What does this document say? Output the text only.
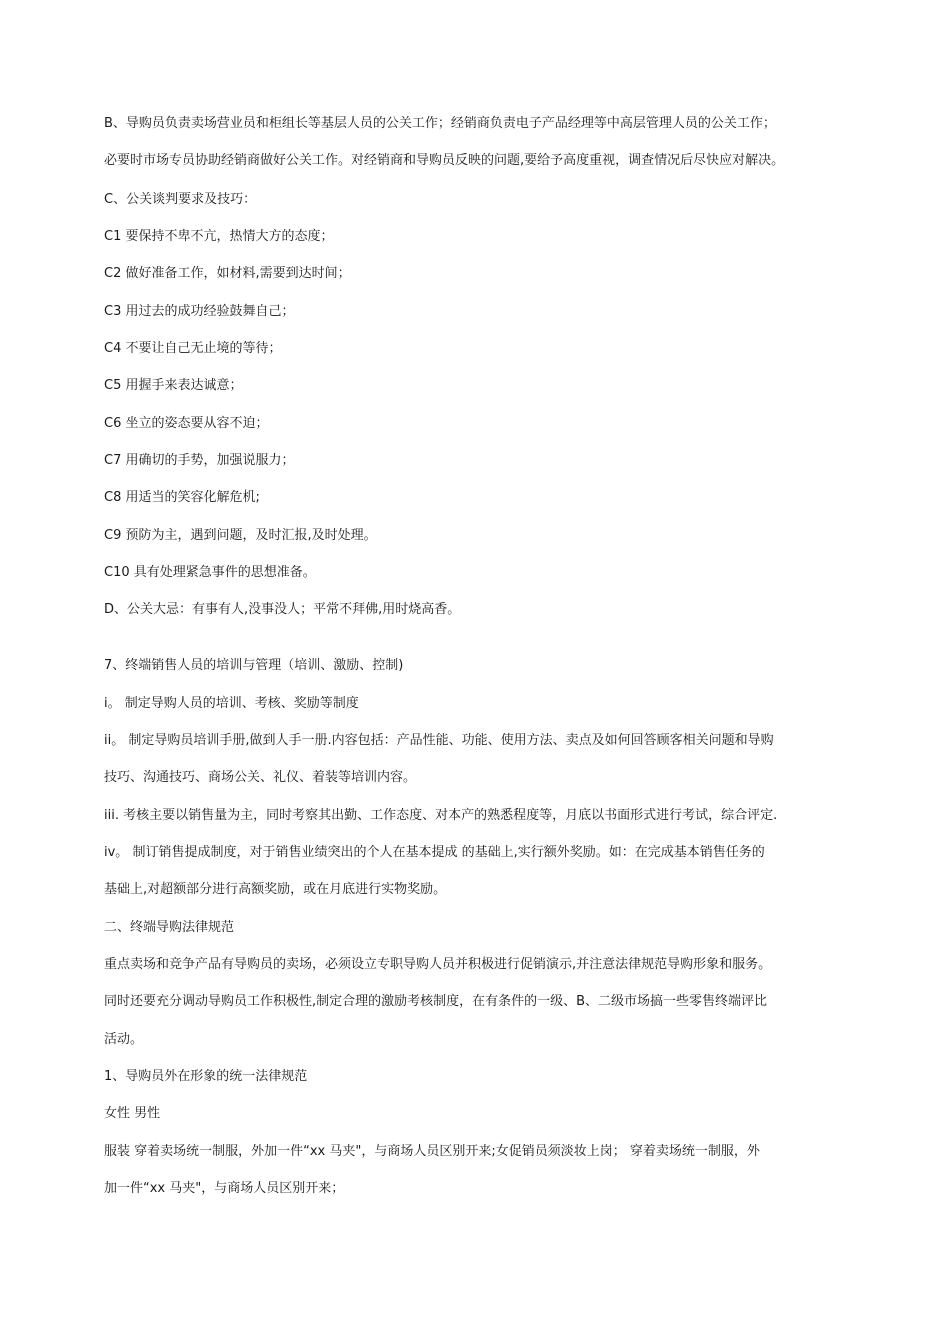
B、导购员负责卖场营业员和柜组长等基层人员的公关工作；经销商负责电子产品经理等中高层管理人员的公关工作；
必要时市场专员协助经销商做好公关工作。对经销商和导购员反映的问题,要给予高度重视，调查情况后尽快应对解决。
C、公关谈判要求及技巧：
C1 要保持不卑不亢，热情大方的态度；
C2 做好准备工作，如材料,需要到达时间；
C3 用过去的成功经验鼓舞自己；
C4 不要让自己无止境的等待；
C5 用握手来表达诚意；
C6 坐立的姿态要从容不迫；
C7 用确切的手势，加强说服力；
C8 用适当的笑容化解危机;
C9 预防为主，遇到问题，及时汇报,及时处理。
C10 具有处理紧急事件的思想准备。
D、公关大忌：有事有人,没事没人；平常不拜佛,用时烧高香。
7、终端销售人员的培训与管理（培训、激励、控制)
i。 制定导购人员的培训、考核、奖励等制度
ii。 制定导购员培训手册,做到人手一册.内容包括：产品性能、功能、使用方法、卖点及如何回答顾客相关问题和导购
技巧、沟通技巧、商场公关、礼仪、着装等培训内容。
iii. 考核主要以销售量为主，同时考察其出勤、工作态度、对本产的熟悉程度等，月底以书面形式进行考试，综合评定.
iv。 制订销售提成制度，对于销售业绩突出的个人在基本提成 的基础上,实行额外奖励。如：在完成基本销售任务的
基础上,对超额部分进行高额奖励，或在月底进行实物奖励。
二、终端导购法律规范
重点卖场和竞争产品有导购员的卖场，必须设立专职导购人员并积极进行促销演示,并注意法律规范导购形象和服务。
同时还要充分调动导购员工作积极性,制定合理的激励考核制度，在有条件的一级、B、二级市场搞一些零售终端评比
活动。
1、导购员外在形象的统一法律规范
女性 男性
服装 穿着卖场统一制服，外加一件“xx 马夹"，与商场人员区别开来;女促销员须淡妆上岗； 穿着卖场统一制服，外
加一件“xx 马夹"，与商场人员区别开来；
